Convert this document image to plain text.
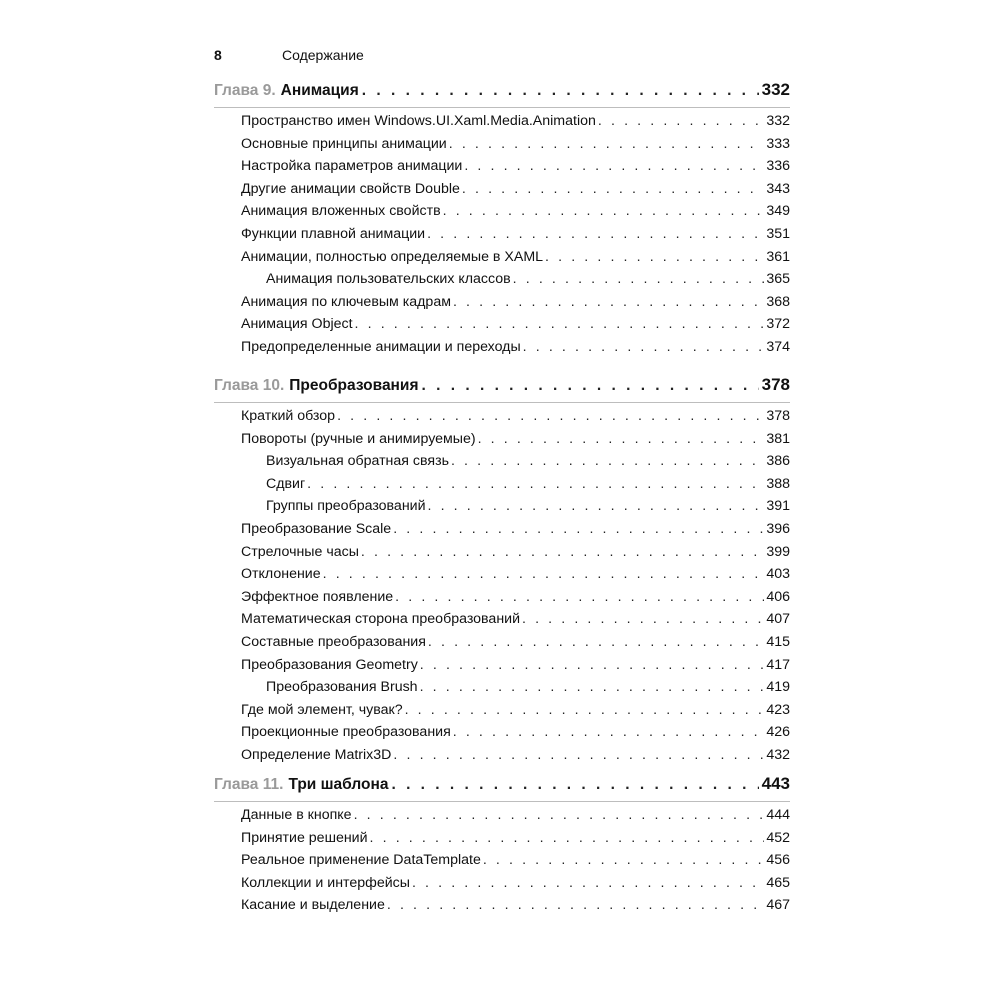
8	Содержание
Глава 9. Анимация . . .	332
Пространство имен Windows.UI.Xaml.Media.Animation . . .	332
Основные принципы анимации . . .	333
Настройка параметров анимации . . .	336
Другие анимации свойств Double . . .	343
Анимация вложенных свойств . . .	349
Функции плавной анимации . . .	351
Анимации, полностью определяемые в XAML . . .	361
Анимация пользовательских классов . . .	365
Анимация по ключевым кадрам . . .	368
Анимация Object . . .	372
Предопределенные анимации и переходы . . .	374
Глава 10. Преобразования . . .	378
Краткий обзор . . .	378
Повороты (ручные и анимируемые) . . .	381
Визуальная обратная связь . . .	386
Сдвиг . . .	388
Группы преобразований . . .	391
Преобразование Scale . . .	396
Стрелочные часы . . .	399
Отклонение . . .	403
Эффектное появление . . .	406
Математическая сторона преобразований . . .	407
Составные преобразования . . .	415
Преобразования Geometry . . .	417
Преобразования Brush . . .	419
Где мой элемент, чувак? . . .	423
Проекционные преобразования . . .	426
Определение Matrix3D . . .	432
Глава 11. Три шаблона . . .	443
Данные в кнопке . . .	444
Принятие решений . . .	452
Реальное применение DataTemplate . . .	456
Коллекции и интерфейсы . . .	465
Касание и выделение . . .	467
